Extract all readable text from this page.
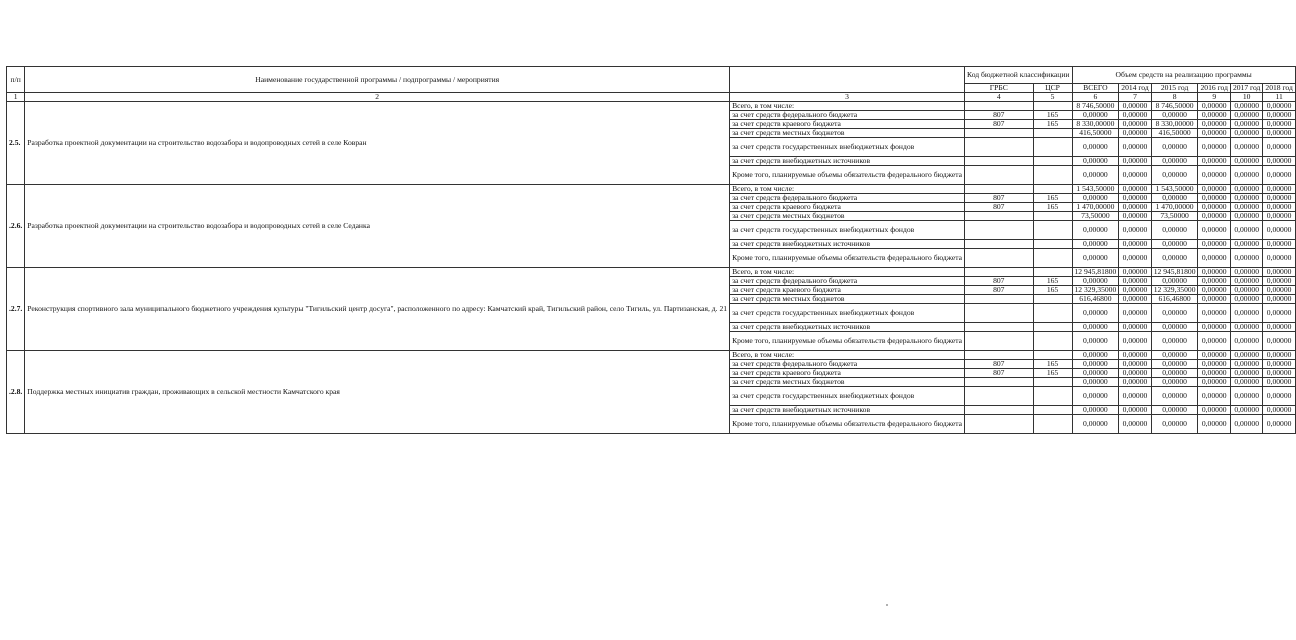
п/п	Наименование государственной программы / подпрограммы / мероприятия		Код бюджетной классификации		Объем средств на реализацию программы					
			ГРБС	ЦСР	ВСЕГО	2014 год	2015 год	2016 год	2017 год	2018 год
1	2	3	4	5	6	7	8	9	10	11
2.5.	Разработка проектной документации на строительство водозабора и водопроводных сетей в селе Ковран	Всего, в том числе:			8 746,50000	0,00000	8 746,50000	0,00000	0,00000	0,00000
		за счет средств федерального бюджета	807	165	0,00000	0,00000	0,00000	0,00000	0,00000	0,00000
		за счет средств краевого бюджета	807	165	8 330,00000	0,00000	8 330,00000	0,00000	0,00000	0,00000
		за счет средств местных бюджетов			416,50000	0,00000	416,50000	0,00000	0,00000	0,00000
		за счет средств государственных внебюджетных фондов			0,00000	0,00000	0,00000	0,00000	0,00000	0,00000
		за счет средств внебюджетных источников			0,00000	0,00000	0,00000	0,00000	0,00000	0,00000
		Кроме того, планируемые объемы обязательств федерального бюджета			0,00000	0,00000	0,00000	0,00000	0,00000	0,00000
.2.6.	Разработка проектной документации на строительство водозабора и водопроводных сетей в селе Седанка	Всего, в том числе:			1 543,50000	0,00000	1 543,50000	0,00000	0,00000	0,00000
		за счет средств федерального бюджета	807	165	0,00000	0,00000	0,00000	0,00000	0,00000	0,00000
		за счет средств краевого бюджета	807	165	1 470,00000	0,00000	1 470,00000	0,00000	0,00000	0,00000
		за счет средств местных бюджетов			73,50000	0,00000	73,50000	0,00000	0,00000	0,00000
		за счет средств государственных внебюджетных фондов			0,00000	0,00000	0,00000	0,00000	0,00000	0,00000
		за счет средств внебюджетных источников			0,00000	0,00000	0,00000	0,00000	0,00000	0,00000
		Кроме того, планируемые объемы обязательств федерального бюджета			0,00000	0,00000	0,00000	0,00000	0,00000	0,00000
.2.7.	Реконструкция спортивного зала муниципального бюджетного учреждения культуры "Тигильский центр досуга", расположенного по адресу: Камчатский край, Тигильский район, село Тигиль, ул. Партизанская, д. 21	Всего, в том числе:			12 945,81800	0,00000	12 945,81800	0,00000	0,00000	0,00000
		за счет средств федерального бюджета	807	165	0,00000	0,00000	0,00000	0,00000	0,00000	0,00000
		за счет средств краевого бюджета	807	165	12 329,35000	0,00000	12 329,35000	0,00000	0,00000	0,00000
		за счет средств местных бюджетов			616,46800	0,00000	616,46800	0,00000	0,00000	0,00000
		за счет средств государственных внебюджетных фондов			0,00000	0,00000	0,00000	0,00000	0,00000	0,00000
		за счет средств внебюджетных источников			0,00000	0,00000	0,00000	0,00000	0,00000	0,00000
		Кроме того, планируемые объемы обязательств федерального бюджета			0,00000	0,00000	0,00000	0,00000	0,00000	0,00000
.2.8.	Поддержка местных инициатив граждан, проживающих в сельской местности Камчатского края	Всего, в том числе:			0,00000	0,00000	0,00000	0,00000	0,00000	0,00000
		за счет средств федерального бюджета	807	165	0,00000	0,00000	0,00000	0,00000	0,00000	0,00000
		за счет средств краевого бюджета	807	165	0,00000	0,00000	0,00000	0,00000	0,00000	0,00000
		за счет средств местных бюджетов			0,00000	0,00000	0,00000	0,00000	0,00000	0,00000
		за счет средств государственных внебюджетных фондов			0,00000	0,00000	0,00000	0,00000	0,00000	0,00000
		за счет средств внебюджетных источников			0,00000	0,00000	0,00000	0,00000	0,00000	0,00000
		Кроме того, планируемые объемы обязательств федерального бюджета			0,00000	0,00000	0,00000	0,00000	0,00000	0,00000
